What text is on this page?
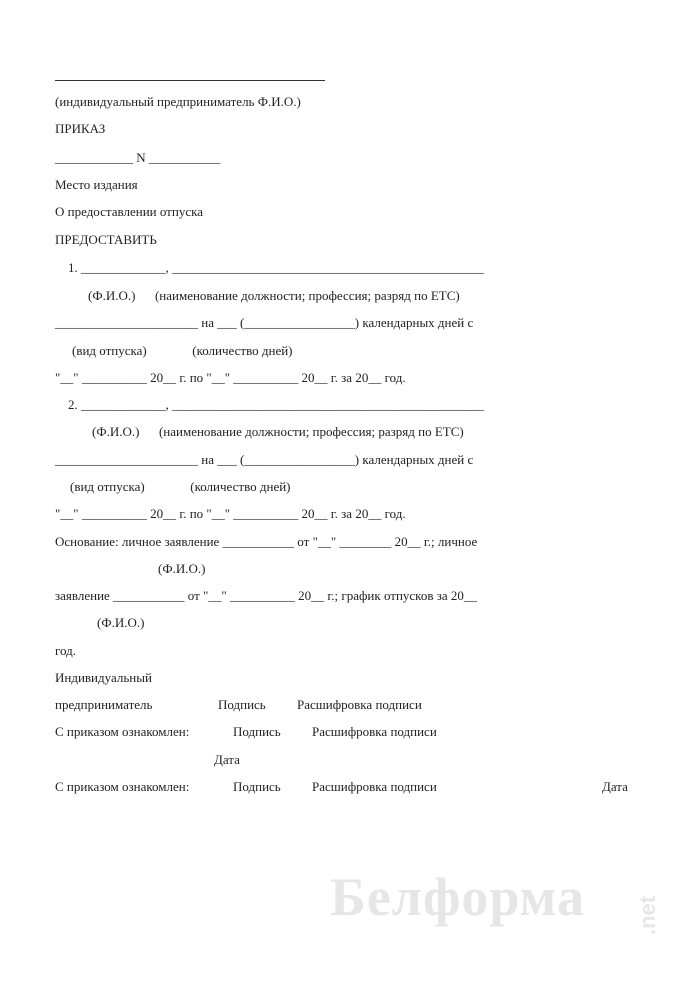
(индивидуальный предприниматель Ф.И.О.)
ПРИКАЗ
____________ N ___________
Место издания
О предоставлении отпуска
ПРЕДОСТАВИТЬ
1. _____________, ________________________________________________
(Ф.И.О.)      (наименование должности; профессия; разряд по ЕТС)
______________________ на ___ (_________________) календарных дней с
(вид отпуска)              (количество дней)
"__" __________ 20__ г. по "__" __________ 20__ г. за 20__ год.
2. _____________, ________________________________________________
(Ф.И.О.)      (наименование должности; профессия; разряд по ЕТС)
______________________ на ___ (_________________) календарных дней с
(вид отпуска)              (количество дней)
"__" __________ 20__ г. по "__" __________ 20__ г. за 20__ год.
Основание: личное заявление ___________ от "__" ________ 20__ г.; личное
(Ф.И.О.)
заявление ___________ от "__" __________ 20__ г.; график отпусков за 20__
(Ф.И.О.)
год.
Индивидуальный
предприниматель	Подпись Расшифровка подписи
С приказом ознакомлен:	Подпись Расшифровка подписи
Дата
С приказом ознакомлен:	Подпись Расшифровка подписи	Дата
Белформа .net
